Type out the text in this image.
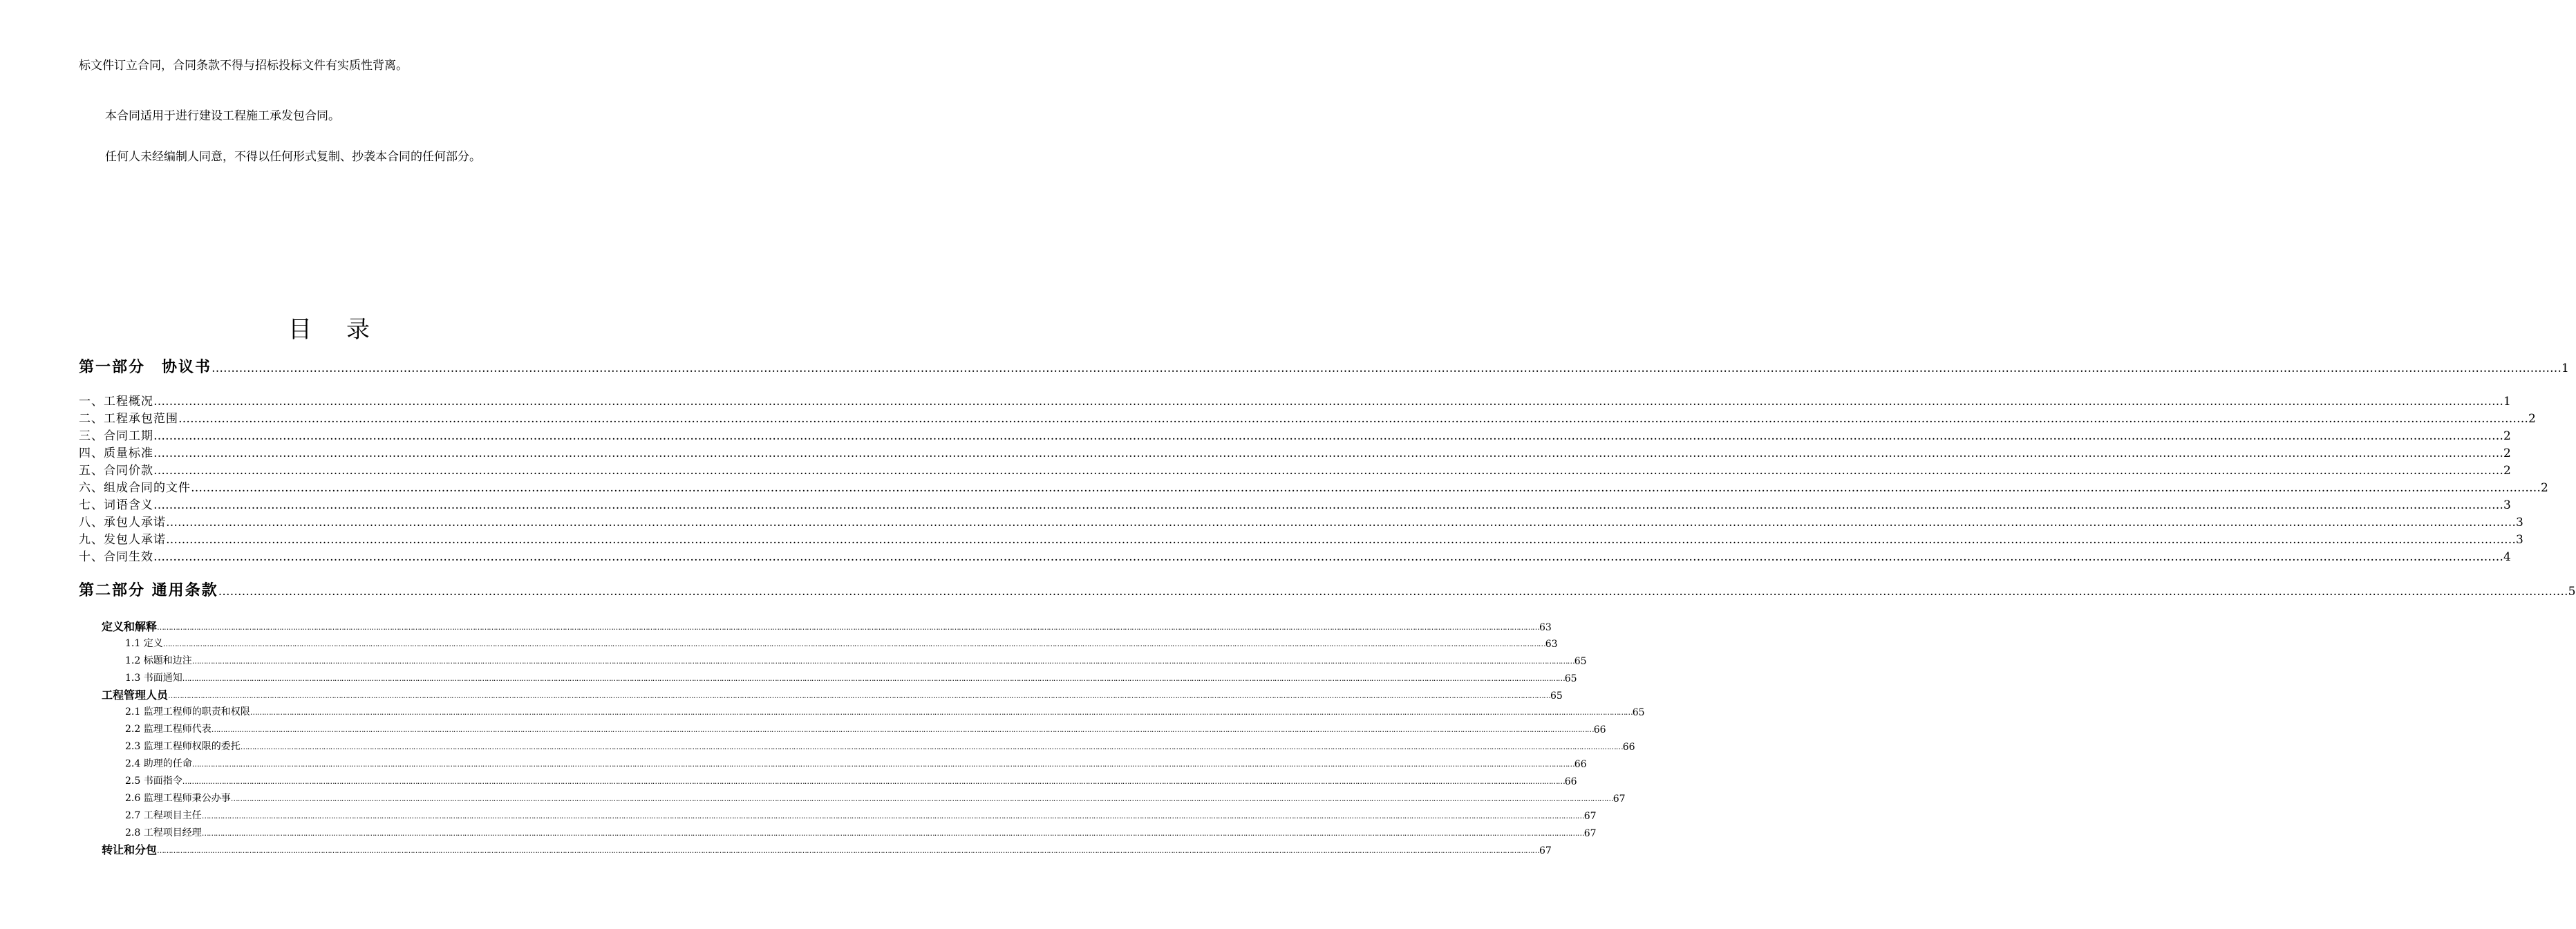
标文件订立合同，合同条款不得与招标投标文件有实质性背离。
本合同适用于进行建设工程施工承发包合同。
任何人未经编制人同意，不得以任何形式复制、抄袭本合同的任何部分。
目 录
第一部分　协议书 …………………………………………………………………………………………………………………………………………………………………………………………………………………………………………………………………………………………………………………………………………………………………………………………………………………………………………………………………………………………………………………………………………………… 1
一、 工程概况 …………………………………………………………………………………………………………………………………………………………………………………………………………………………………………………………………………………………………………………………………………………………………………………………………………………………………………………………………………………………………………………………………………………… 1
二、 工程承包范围 …………………………………………………………………………………………………………………………………………………………………………………………………………………………………………………………………………………………………………………………………………………………………………………………………………………………………………………………………………………………………………………………………………………… 2
三、 合同工期 …………………………………………………………………………………………………………………………………………………………………………………………………………………………………………………………………………………………………………………………………………………………………………………………………………………………………………………………………………………………………………………………………………………… 2
四、 质量标准 …………………………………………………………………………………………………………………………………………………………………………………………………………………………………………………………………………………………………………………………………………………………………………………………………………………………………………………………………………………………………………………………………………………… 2
五、 合同价款 …………………………………………………………………………………………………………………………………………………………………………………………………………………………………………………………………………………………………………………………………………………………………………………………………………………………………………………………………………………………………………………………………………………… 2
六、 组成合同的文件 …………………………………………………………………………………………………………………………………………………………………………………………………………………………………………………………………………………………………………………………………………………………………………………………………………………………………………………………………………………………………………………………………………………… 2
七、 词语含义 …………………………………………………………………………………………………………………………………………………………………………………………………………………………………………………………………………………………………………………………………………………………………………………………………………………………………………………………………………………………………………………………………………………… 3
八、 承包人承诺 …………………………………………………………………………………………………………………………………………………………………………………………………………………………………………………………………………………………………………………………………………………………………………………………………………………………………………………………………………………………………………………………………………………… 3
九、 发包人承诺 …………………………………………………………………………………………………………………………………………………………………………………………………………………………………………………………………………………………………………………………………………………………………………………………………………………………………………………………………………………………………………………………………………………… 3
十、 合同生效 …………………………………………………………………………………………………………………………………………………………………………………………………………………………………………………………………………………………………………………………………………………………………………………………………………………………………………………………………………………………………………………………………………………… 4
第二部分 通用条款 …………………………………………………………………………………………………………………………………………………………………………………………………………………………………………………………………………………………………………………………………………………………………………………………………………………………………………………………………………………………………………………………………………………… 5
定义和解释 …………………………………………………………………………………………………………………………………………………………………………………………………………………………………………………………………………………………………………………………………………………………………………………………………………………………………………………………………………………………………………………………………………………… 63
1.1 定义 …………………………………………………………………………………………………………………………………………………………………………………………………………………………………………………………………………………………………………………………………………………………………………………………………………………………………………………………………………………………………………………………………………………… 63
1.2 标题和边注 …………………………………………………………………………………………………………………………………………………………………………………………………………………………………………………………………………………………………………………………………………………………………………………………………………………………………………………………………………………………………………………………………………………… 65
1.3 书面通知 …………………………………………………………………………………………………………………………………………………………………………………………………………………………………………………………………………………………………………………………………………………………………………………………………………………………………………………………………………………………………………………………………………………… 65
工程管理人员 …………………………………………………………………………………………………………………………………………………………………………………………………………………………………………………………………………………………………………………………………………………………………………………………………………………………………………………………………………………………………………………………………………………… 65
2.1 监理工程师的职责和权限 …………………………………………………………………………………………………………………………………………………………………………………………………………………………………………………………………………………………………………………………………………………………………………………………………………………………………………………………………………………………………………………………………………………… 65
2.2 监理工程师代表 …………………………………………………………………………………………………………………………………………………………………………………………………………………………………………………………………………………………………………………………………………………………………………………………………………………………………………………………………………………………………………………………………………………… 66
2.3 监理工程师权限的委托 …………………………………………………………………………………………………………………………………………………………………………………………………………………………………………………………………………………………………………………………………………………………………………………………………………………………………………………………………………………………………………………………………………………… 66
2.4 助理的任命 …………………………………………………………………………………………………………………………………………………………………………………………………………………………………………………………………………………………………………………………………………………………………………………………………………………………………………………………………………………………………………………………………………………… 66
2.5 书面指令 …………………………………………………………………………………………………………………………………………………………………………………………………………………………………………………………………………………………………………………………………………………………………………………………………………………………………………………………………………………………………………………………………………………… 66
2.6 监理工程师秉公办事 …………………………………………………………………………………………………………………………………………………………………………………………………………………………………………………………………………………………………………………………………………………………………………………………………………………………………………………………………………………………………………………………………………………… 67
2.7 工程项目主任 …………………………………………………………………………………………………………………………………………………………………………………………………………………………………………………………………………………………………………………………………………………………………………………………………………………………………………………………………………………………………………………………………………………… 67
2.8 工程项目经理 …………………………………………………………………………………………………………………………………………………………………………………………………………………………………………………………………………………………………………………………………………………………………………………………………………………………………………………………………………………………………………………………………………………… 67
转让和分包 …………………………………………………………………………………………………………………………………………………………………………………………………………………………………………………………………………………………………………………………………………………………………………………………………………………………………………………………………………………………………………………………………………………… 67
